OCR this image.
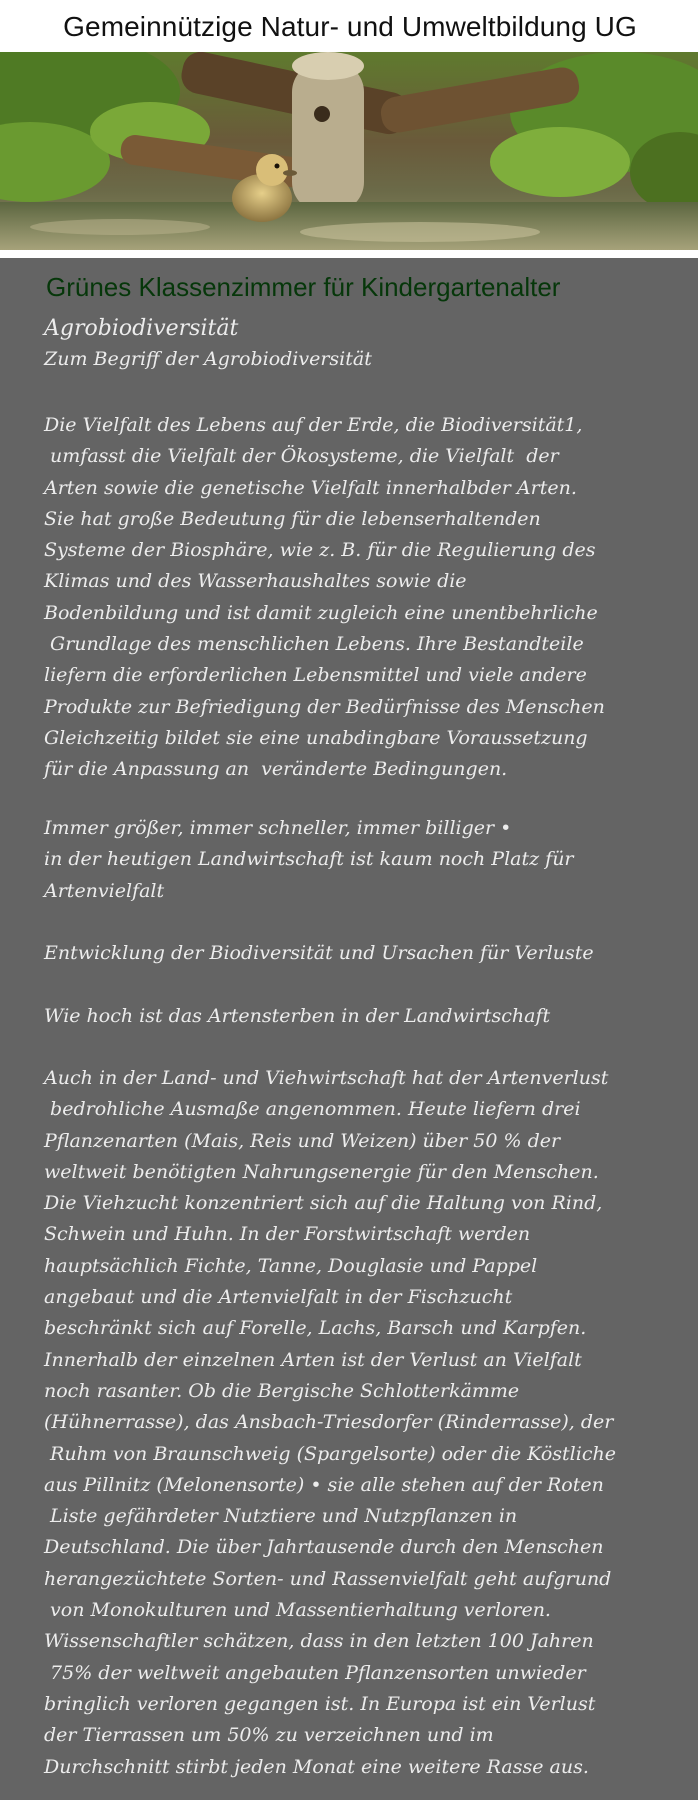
Gemeinnützige Natur- und Umweltbildung UG
Grünes Klassenzimmer für Kindergartenalter
Agrobiodiversität
Zum Begriff der Agrobiodiversität
Die Vielfalt des Lebens auf der Erde, die Biodiversität1,
umfasst die Vielfalt der Ökosysteme, die Vielfalt  der
Arten sowie die genetische Vielfalt innerhalbder Arten.
Sie hat große Bedeutung für die lebenserhaltenden
Systeme der Biosphäre, wie z. B. für die Regulierung des
Klimas und des Wasserhaushaltes sowie die
Bodenbildung und ist damit zugleich eine unentbehrliche
Grundlage des menschlichen Lebens. Ihre Bestandteile
liefern die erforderlichen Lebensmittel und viele andere
Produkte zur Befriedigung der Bedürfnisse des Menschen
Gleichzeitig bildet sie eine unabdingbare Voraussetzung
für die Anpassung an  veränderte Bedingungen.
Immer größer, immer schneller, immer billiger •
in der heutigen Landwirtschaft ist kaum noch Platz für
Artenvielfalt
Entwicklung der Biodiversität und Ursachen für Verluste
Wie hoch ist das Artensterben in der Landwirtschaft
Auch in der Land- und Viehwirtschaft hat der Artenverlust
bedrohliche Ausmaße angenommen. Heute liefern drei
Pflanzenarten (Mais, Reis und Weizen) über 50 % der
weltweit benötigten Nahrungsenergie für den Menschen.
Die Viehzucht konzentriert sich auf die Haltung von Rind,
Schwein und Huhn. In der Forstwirtschaft werden
hauptsächlich Fichte, Tanne, Douglasie und Pappel
angebaut und die Artenvielfalt in der Fischzucht
beschränkt sich auf Forelle, Lachs, Barsch und Karpfen.
Innerhalb der einzelnen Arten ist der Verlust an Vielfalt
noch rasanter. Ob die Bergische Schlotterkämme
(Hühnerrasse), das Ansbach-Triesdorfer (Rinderrasse), der
Ruhm von Braunschweig (Spargelsorte) oder die Köstliche
aus Pillnitz (Melonensorte) • sie alle stehen auf der Roten
Liste gefährdeter Nutztiere und Nutzpflanzen in
Deutschland. Die über Jahrtausende durch den Menschen
herangezüchtete Sorten- und Rassenvielfalt geht aufgrund
von Monokulturen und Massentierhaltung verloren.
Wissenschaftler schätzen, dass in den letzten 100 Jahren
75% der weltweit angebauten Pflanzensorten unwieder
bringlich verloren gegangen ist. In Europa ist ein Verlust
der Tierrassen um 50% zu verzeichnen und im
Durchschnitt stirbt jeden Monat eine weitere Rasse aus.
